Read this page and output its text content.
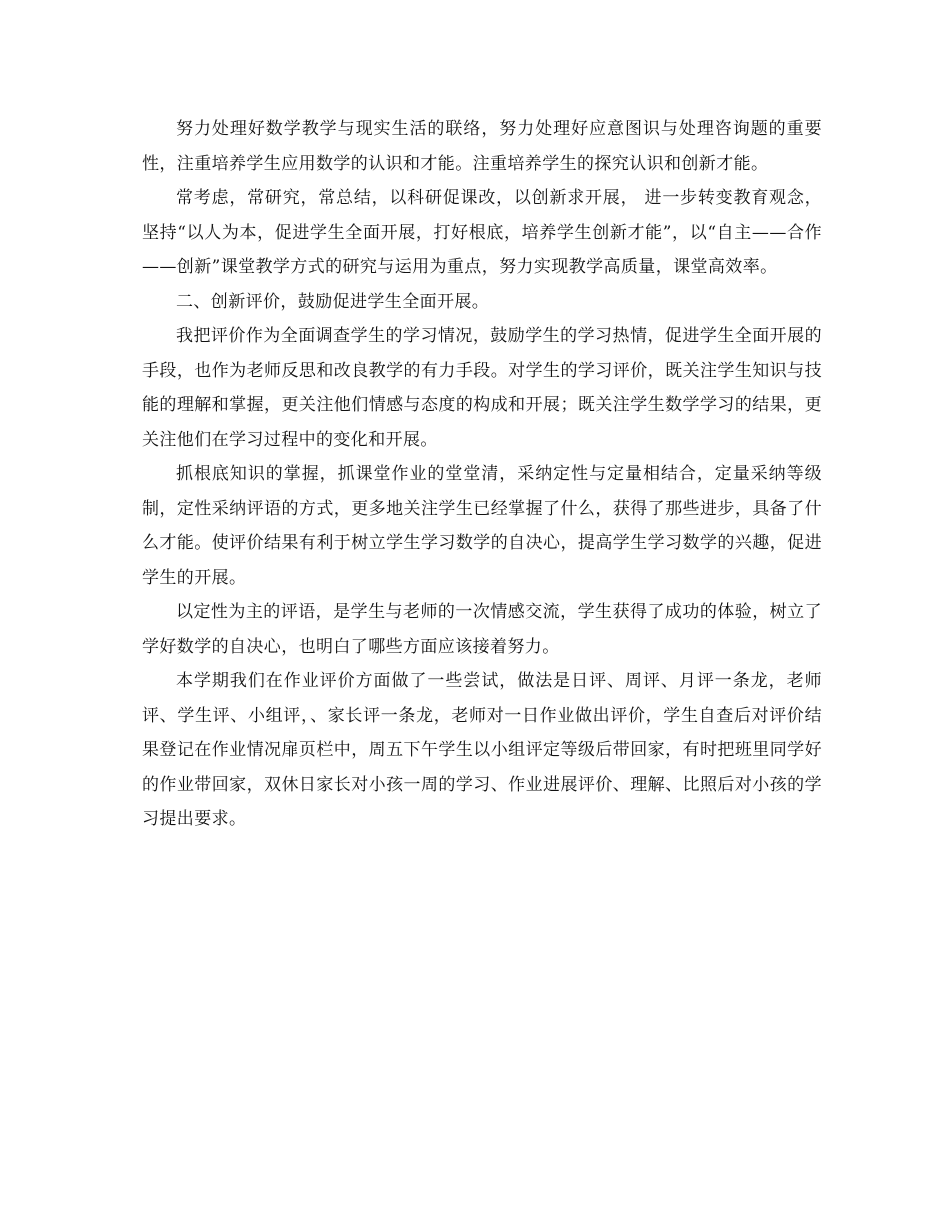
努力处理好数学教学与现实生活的联络，努力处理好应意图识与处理咨询题的重要性，注重培养学生应用数学的认识和才能。注重培养学生的探究认识和创新才能。

常考虑，常研究，常总结，以科研促课改，以创新求开展， 进一步转变教育观念，坚持“以人为本，促进学生全面开展，打好根底，培养学生创新才能”，以“自主——合作——创新”课堂教学方式的研究与运用为重点，努力实现教学高质量，课堂高效率。

二、创新评价，鼓励促进学生全面开展。

我把评价作为全面调查学生的学习情况，鼓励学生的学习热情，促进学生全面开展的手段，也作为老师反思和改良教学的有力手段。对学生的学习评价，既关注学生知识与技能的理解和掌握，更关注他们情感与态度的构成和开展；既关注学生数学学习的结果，更关注他们在学习过程中的变化和开展。

抓根底知识的掌握，抓课堂作业的堂堂清，采纳定性与定量相结合，定量采纳等级制，定性采纳评语的方式，更多地关注学生已经掌握了什么，获得了那些进步，具备了什么才能。使评价结果有利于树立学生学习数学的自决心，提高学生学习数学的兴趣，促进学生的开展。

以定性为主的评语，是学生与老师的一次情感交流，学生获得了成功的体验，树立了学好数学的自决心，也明白了哪些方面应该接着努力。

本学期我们在作业评价方面做了一些尝试，做法是日评、周评、月评一条龙，老师评、学生评、小组评，、家长评一条龙，老师对一日作业做出评价，学生自查后对评价结果登记在作业情况扉页栏中，周五下午学生以小组评定等级后带回家，有时把班里同学好的作业带回家，双休日家长对小孩一周的学习、作业进展评价、理解、比照后对小孩的学习提出要求。
